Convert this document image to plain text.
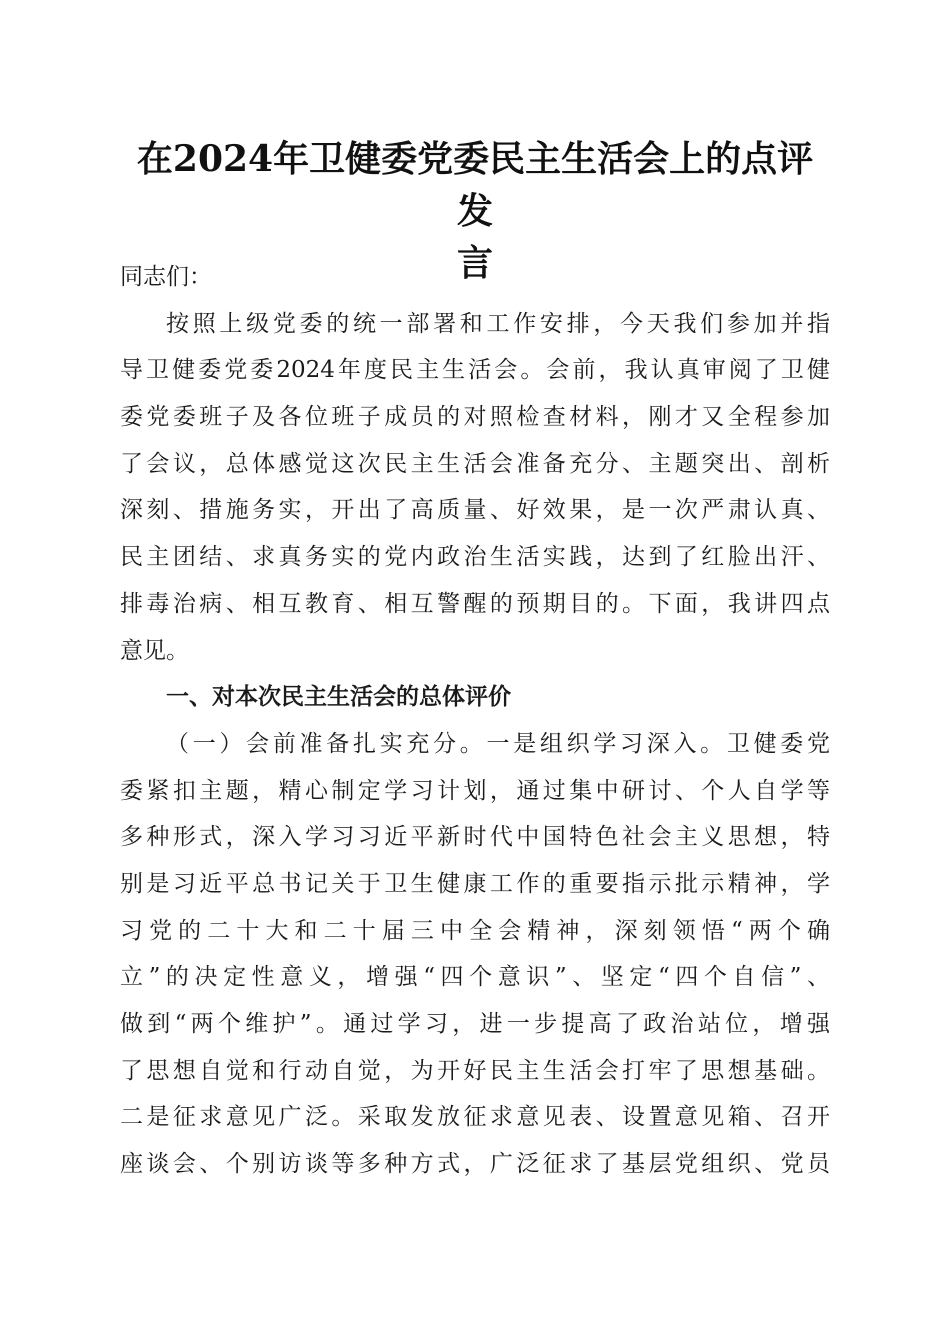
在2024年卫健委党委民主生活会上的点评发
言
同志们：
按照上级党委的统一部署和工作安排，今天我们参加并指
导卫健委党委2024年度民主生活会。会前，我认真审阅了卫健
委党委班子及各位班子成员的对照检查材料，刚才又全程参加
了会议，总体感觉这次民主生活会准备充分、主题突出、剖析
深刻、措施务实，开出了高质量、好效果，是一次严肃认真、
民主团结、求真务实的党内政治生活实践，达到了红脸出汗、
排毒治病、相互教育、相互警醒的预期目的。下面，我讲四点
意见。
一、对本次民主生活会的总体评价
（一）会前准备扎实充分。一是组织学习深入。卫健委党
委紧扣主题，精心制定学习计划，通过集中研讨、个人自学等
多种形式，深入学习习近平新时代中国特色社会主义思想，特
别是习近平总书记关于卫生健康工作的重要指示批示精神，学
习党的二十大和二十届三中全会精神，深刻领悟“两个确
立”的决定性意义，增强“四个意识”、坚定“四个自信”、
做到“两个维护”。通过学习，进一步提高了政治站位，增强
了思想自觉和行动自觉，为开好民主生活会打牢了思想基础。
二是征求意见广泛。采取发放征求意见表、设置意见箱、召开
座谈会、个别访谈等多种方式，广泛征求了基层党组织、党员
